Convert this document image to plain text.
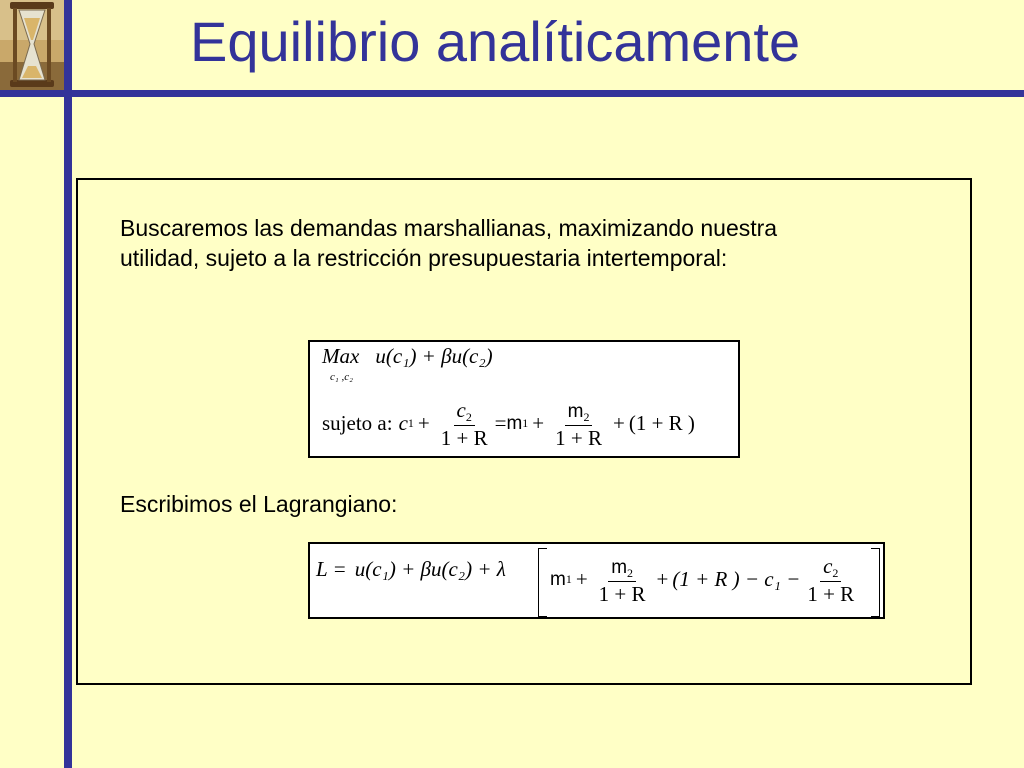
Equilibrio analíticamente

Buscaremos las demandas marshallianas, maximizando nuestra utilidad, sujeto a la restricción presupuestaria intertemporal:

Max u(c₁) + βu(c₂)
c₁ ,c₂
sujeto a: c $1 + \frac{c_2}{1 + R} = m$ $1 + \frac{m_2}{1 + R} + (1 + R$ )

Escribimos el Lagrangiano:

L = u(c₁) + βu(c₂) + λ m $1 + \frac{m_2}{1 + R} + (1 + R$ ) − $c_1 - \frac{c_2}{1 + R}$
